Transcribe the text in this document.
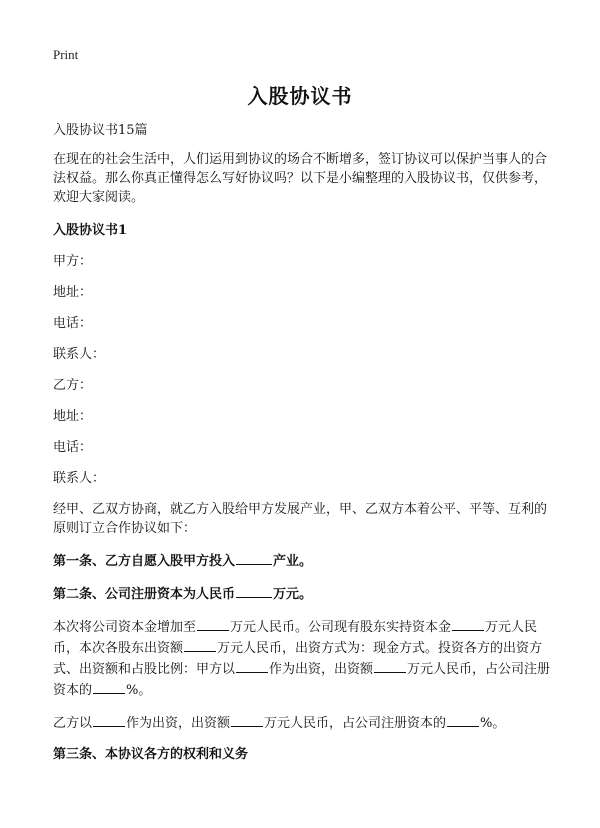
Print
入股协议书

入股协议书15篇

在现在的社会生活中，人们运用到协议的场合不断增多，签订协议可以保护当事人的合法权益。那么你真正懂得怎么写好协议吗？以下是小编整理的入股协议书，仅供参考，欢迎大家阅读。

入股协议书1

甲方：

地址：

电话：

联系人：

乙方：

地址：

电话：

联系人：

经甲、乙双方协商，就乙方入股给甲方发展产业，甲、乙双方本着公平、平等、互利的原则订立合作协议如下：

第一条、乙方自愿入股甲方投入	产业。

第二条、公司注册资本为人民币	万元。

本次将公司资本金增加至	万元人民币。公司现有股东实持资本金	万元人民币，本次各股东出资额	万元人民币，出资方式为：现金方式。投资各方的出资方式、出资额和占股比例：甲方以	作为出资，出资额	万元人民币，占公司注册资本的	%。

乙方以	作为出资，出资额	万元人民币，占公司注册资本的	%。

第三条、本协议各方的权利和义务
